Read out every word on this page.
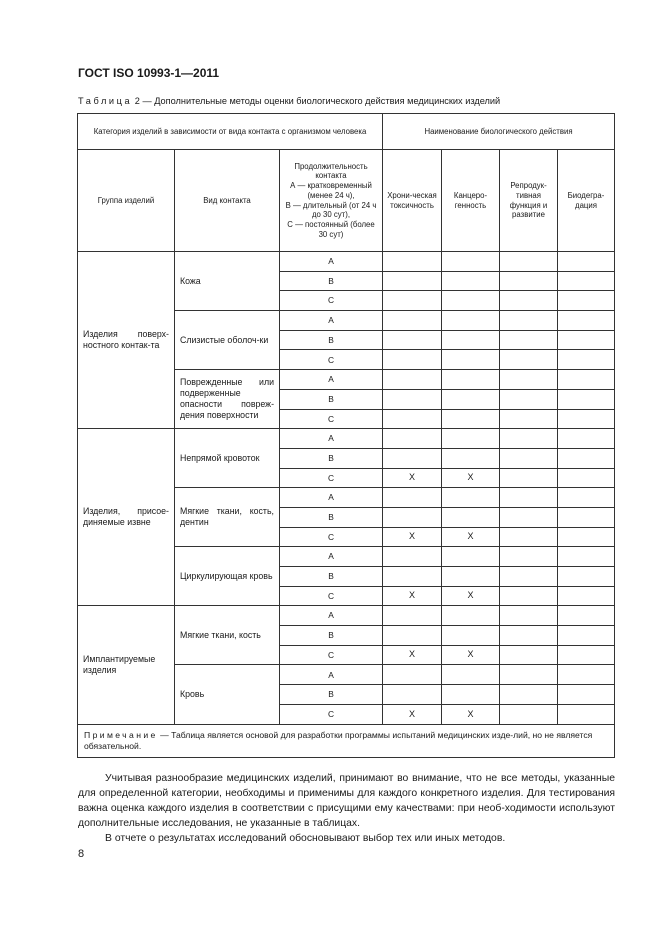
ГОСТ ISO 10993-1—2011
Таблица 2 — Дополнительные методы оценки биологического действия медицинских изделий
Категория изделий в зависимости от вида контакта с организмом человека			Наименование биологического действия			
Группа изделий	Вид контакта	Продолжительность контакта
А — кратковременный (менее 24 ч),
В — длительный (от 24 ч до 30 сут),
С — постоянный (более 30 сут)	Хрони-ческая токсичность	Канцеро-генность	Репродук-тивная функция и развитие	Биодегра-дация
Изделия поверх-ностного контак-та	Кожа	А				
		В				
		С				
	Слизистые оболоч-ки	А				
		В				
		С				
	Поврежденные или подверженные опасности повреж-дения поверхности	А				
		В				
		С				
Изделия, присое-диняемые извне	Непрямой кровоток	А				
		В				
		С	X	X		
	Мягкие ткани, кость, дентин	А				
		В				
		С	X	X		
	Циркулирующая кровь	А				
		В				
		С	X	X		
Имплантируемые изделия	Мягкие ткани, кость	А				
		В				
		С	X	X		
	Кровь	А				
		В				
		С	X	X		
Примечание — Таблица является основой для разработки программы испытаний медицинских изде-лий, но не является обязательной.						

Учитывая разнообразие медицинских изделий, принимают во внимание, что не все методы, указанные для определенной категории, необходимы и применимы для каждого конкретного изделия. Для тестирования важна оценка каждого изделия в соответствии с присущими ему качествами: при необ-ходимости используют дополнительные исследования, не указанные в таблицах.

В отчете о результатах исследований обосновывают выбор тех или иных методов.

8
